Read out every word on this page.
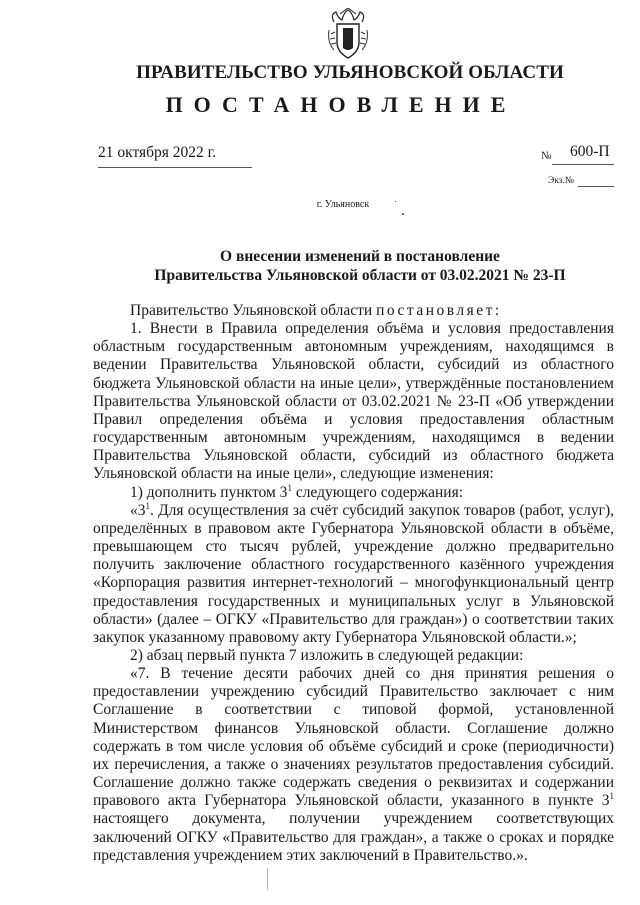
ПРАВИТЕЛЬСТВО УЛЬЯНОВСКОЙ ОБЛАСТИ
ПОСТАНОВЛЕНИЕ
21 октября 2022 г.	№ 600-П
Экз.№
г. Ульяновск
О внесении изменений в постановление
Правительства Ульяновской области от 03.02.2021 № 23-П

Правительство Ульяновской области постановляет:

1. Внести в Правила определения объёма и условия предоставления областным государственным автономным учреждениям, находящимся в ведении Правительства Ульяновской области, субсидий из областного бюджета Ульяновской области на иные цели», утверждённые постановлением Правительства Ульяновской области от 03.02.2021 № 23-П «Об утверждении Правил определения объёма и условия предоставления областным государственным автономным учреждениям, находящимся в ведении Правительства Ульяновской области, субсидий из областного бюджета Ульяновской области на иные цели», следующие изменения:

1) дополнить пунктом $3^1$ следующего содержания:

«$3^1$. Для осуществления за счёт субсидий закупок товаров (работ, услуг), определённых в правовом акте Губернатора Ульяновской области в объёме, превышающем сто тысяч рублей, учреждение должно предварительно получить заключение областного государственного казённого учреждения «Корпорация развития интернет-технологий – многофункциональный центр предоставления государственных и муниципальных услуг в Ульяновской области» (далее – ОГКУ «Правительство для граждан») о соответствии таких закупок указанному правовому акту Губернатора Ульяновской области.»;

2) абзац первый пункта 7 изложить в следующей редакции:

«7. В течение десяти рабочих дней со дня принятия решения о предоставлении учреждению субсидий Правительство заключает с ним Соглашение в соответствии с типовой формой, установленной Министерством финансов Ульяновской области. Соглашение должно содержать в том числе условия об объёме субсидий и сроке (периодичности) их перечисления, а также о значениях результатов предоставления субсидий. Соглашение должно также содержать сведения о реквизитах и содержании правового акта Губернатора Ульяновской области, указанного в пункте $3^1$ настоящего документа, получении учреждением соответствующих заключений ОГКУ «Правительство для граждан», а также о сроках и порядке представления учреждением этих заключений в Правительство.».
